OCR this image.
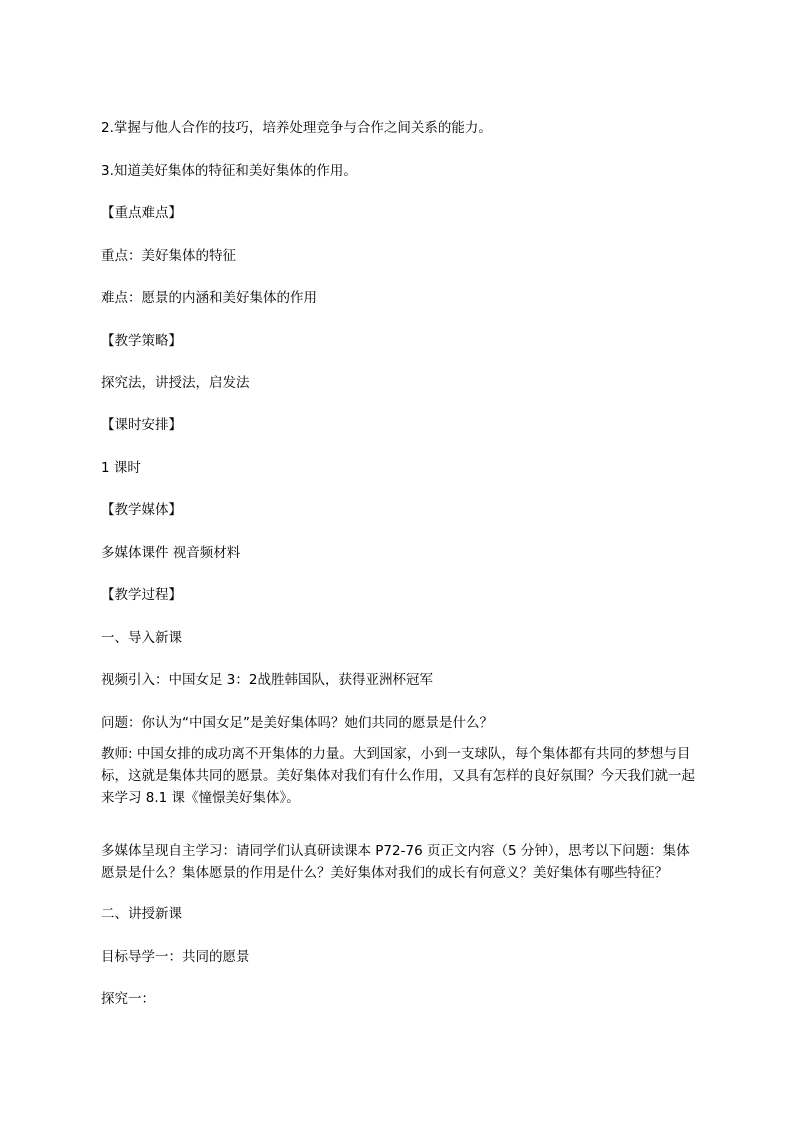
2.掌握与他人合作的技巧，培养处理竞争与合作之间关系的能力。

3.知道美好集体的特征和美好集体的作用。

【重点难点】

重点：美好集体的特征

难点：愿景的内涵和美好集体的作用

【教学策略】

探究法，讲授法，启发法

【课时安排】

1 课时

【教学媒体】

多媒体课件 视音频材料

【教学过程】

一、导入新课

视频引入：中国女足 3：2战胜韩国队，获得亚洲杯冠军

问题：你认为“中国女足”是美好集体吗？她们共同的愿景是什么？

教师: 中国女排的成功离不开集体的力量。大到国家，小到一支球队，每个集体都有共同的梦想与目标，这就是集体共同的愿景。美好集体对我们有什么作用，又具有怎样的良好氛围？今天我们就一起来学习 8.1 课《憧憬美好集体》。

多媒体呈现自主学习：请同学们认真研读课本 P72-76 页正文内容（5 分钟），思考以下问题：集体愿景是什么？集体愿景的作用是什么？美好集体对我们的成长有何意义？美好集体有哪些特征？

二、讲授新课

目标导学一：共同的愿景

探究一：
